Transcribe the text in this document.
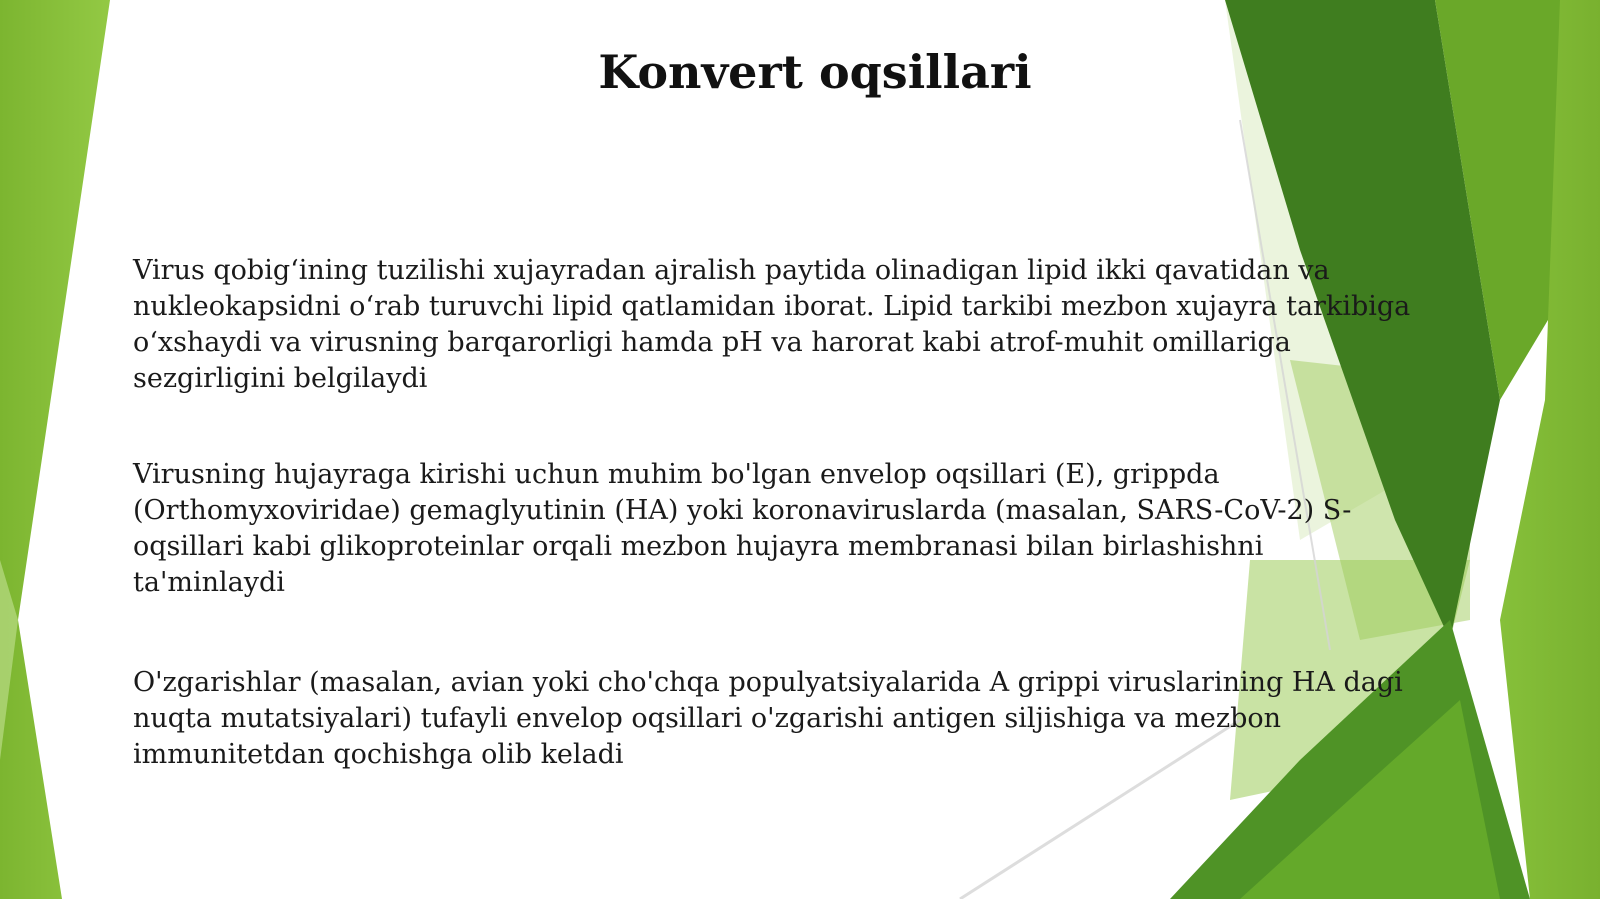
Konvert oqsillari

Virus qobig‘ining tuzilishi xujayradan ajralish paytida olinadigan lipid ikki qavatidan va
nukleokapsidni o‘rab turuvchi lipid qatlamidan iborat. Lipid tarkibi mezbon xujayra tarkibiga
o‘xshaydi va virusning barqarorligi hamda pH va harorat kabi atrof-muhit omillariga
sezgirligini belgilaydi

Virusning hujayraga kirishi uchun muhim bo'lgan envelop oqsillari (E), grippda
(Orthomyxoviridae) gemaglyutinin (HA) yoki koronaviruslarda (masalan, SARS-CoV-2) S-
oqsillari kabi glikoproteinlar orqali mezbon hujayra membranasi bilan birlashishni
ta'minlaydi

O'zgarishlar (masalan, avian yoki cho'chqa populyatsiyalarida A grippi viruslarining HA dagi
nuqta mutatsiyalari) tufayli envelop oqsillari o'zgarishi antigen siljishiga va mezbon
immunitetdan qochishga olib keladi
